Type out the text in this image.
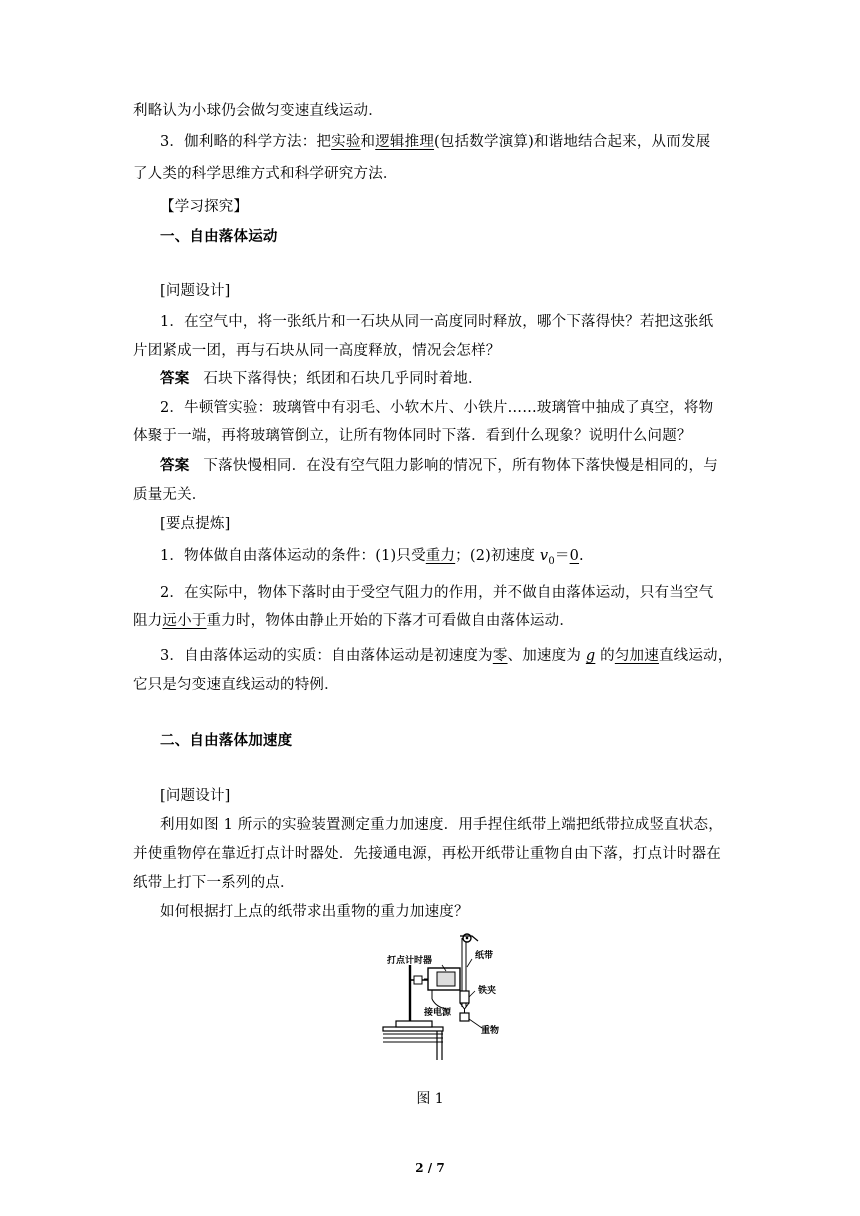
利略认为小球仍会做匀变速直线运动．
3．伽利略的科学方法：把实验和逻辑推理(包括数学演算)和谐地结合起来，从而发展
了人类的科学思维方式和科学研究方法．
【学习探究】
一、自由落体运动
[问题设计]
1．在空气中，将一张纸片和一石块从同一高度同时释放，哪个下落得快？若把这张纸
片团紧成一团，再与石块从同一高度释放，情况会怎样？
答案 石块下落得快；纸团和石块几乎同时着地．
2．牛顿管实验：玻璃管中有羽毛、小软木片、小铁片……玻璃管中抽成了真空，将物
体聚于一端，再将玻璃管倒立，让所有物体同时下落．看到什么现象？说明什么问题？
答案 下落快慢相同．在没有空气阻力影响的情况下，所有物体下落快慢是相同的，与
质量无关．
[要点提炼]
1．物体做自由落体运动的条件：(1)只受重力；(2)初速度 $v_0=0$.
2．在实际中，物体下落时由于受空气阻力的作用，并不做自由落体运动，只有当空气
阻力远小于重力时，物体由静止开始的下落才可看做自由落体运动．
3．自由落体运动的实质：自由落体运动是初速度为零、加速度为 g 的匀加速直线运动，
它只是匀变速直线运动的特例．
二、自由落体加速度
[问题设计]
利用如图 1 所示的实验装置测定重力加速度．用手捏住纸带上端把纸带拉成竖直状态，
并使重物停在靠近打点计时器处．先接通电源，再松开纸带让重物自由下落，打点计时器在
纸带上打下一系列的点．
如何根据打上点的纸带求出重物的重力加速度？
打点计时器	纸带
铁夹
接电源
重物
图 1
2 / 7
